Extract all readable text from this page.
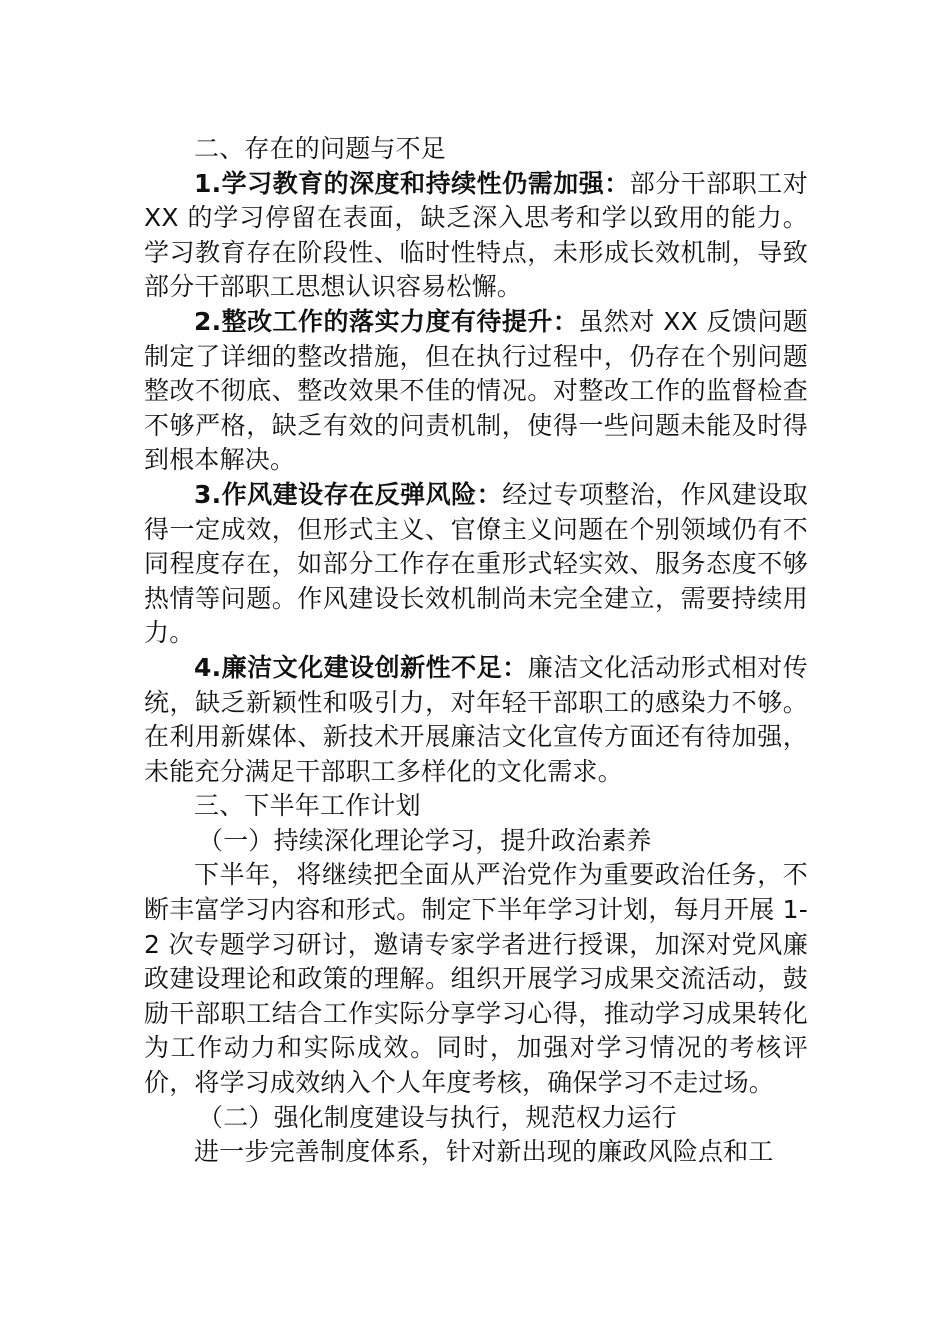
二、存在的问题与不足

1.学习教育的深度和持续性仍需加强：部分干部职工对 XX 的学习停留在表面，缺乏深入思考和学以致用的能力。学习教育存在阶段性、临时性特点，未形成长效机制，导致部分干部职工思想认识容易松懈。

2.整改工作的落实力度有待提升：虽然对 XX 反馈问题制定了详细的整改措施，但在执行过程中，仍存在个别问题整改不彻底、整改效果不佳的情况。对整改工作的监督检查不够严格，缺乏有效的问责机制，使得一些问题未能及时得到根本解决。

3.作风建设存在反弹风险：经过专项整治，作风建设取得一定成效，但形式主义、官僚主义问题在个别领域仍有不同程度存在，如部分工作存在重形式轻实效、服务态度不够热情等问题。作风建设长效机制尚未完全建立，需要持续用力。

4.廉洁文化建设创新性不足：廉洁文化活动形式相对传统，缺乏新颖性和吸引力，对年轻干部职工的感染力不够。在利用新媒体、新技术开展廉洁文化宣传方面还有待加强，未能充分满足干部职工多样化的文化需求。

三、下半年工作计划

（一）持续深化理论学习，提升政治素养

下半年，将继续把全面从严治党作为重要政治任务，不断丰富学习内容和形式。制定下半年学习计划，每月开展 1-2 次专题学习研讨，邀请专家学者进行授课，加深对党风廉政建设理论和政策的理解。组织开展学习成果交流活动，鼓励干部职工结合工作实际分享学习心得，推动学习成果转化为工作动力和实际成效。同时，加强对学习情况的考核评价，将学习成效纳入个人年度考核，确保学习不走过场。

（二）强化制度建设与执行，规范权力运行

进一步完善制度体系，针对新出现的廉政风险点和工
